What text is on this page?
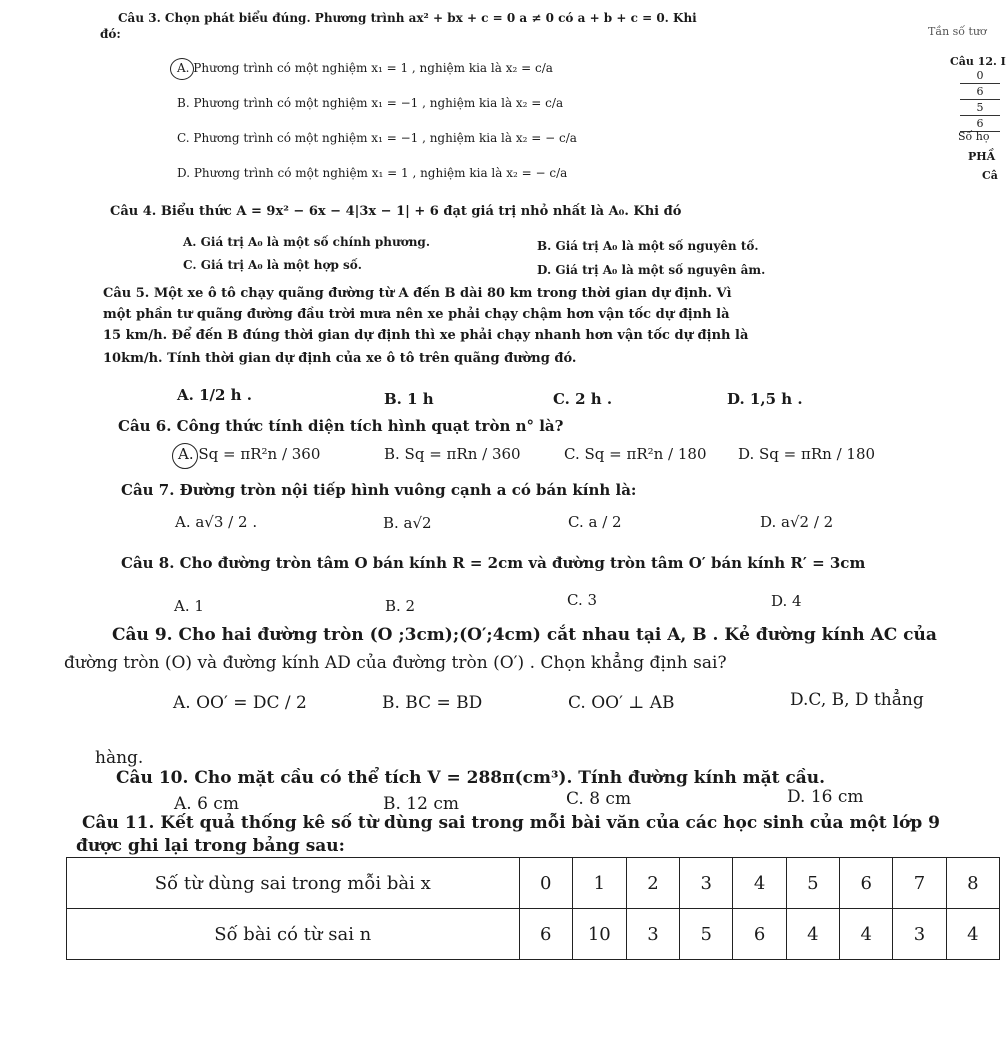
Câu 3. Chọn phát biểu đúng. Phương trình ax² + bx + c = 0 a ≠ 0 có a + b + c = 0. Khi
đó:
A. Phương trình có một nghiệm x₁ = 1 , nghiệm kia là x₂ = c/a
B. Phương trình có một nghiệm x₁ = −1 , nghiệm kia là x₂ = c/a
C. Phương trình có một nghiệm x₁ = −1 , nghiệm kia là x₂ = − c/a
D. Phương trình có một nghiệm x₁ = 1 , nghiệm kia là x₂ = − c/a
Tần số tươ
Câu 12. I
0
6
5
6
Số họ
PHẦ
Câ
Câu 4. Biểu thức A = 9x² − 6x − 4|3x − 1| + 6 đạt giá trị nhỏ nhất là A₀. Khi đó
A. Giá trị A₀ là một số chính phương.	B. Giá trị A₀ là một số nguyên tố.
C. Giá trị A₀ là một hợp số.	D. Giá trị A₀ là một số nguyên âm.
Câu 5. Một xe ô tô chạy quãng đường từ A đến B dài 80 km trong thời gian dự định. Vì
một phần tư quãng đường đầu trời mưa nên xe phải chạy chậm hơn vận tốc dự định là
15 km/h. Để đến B đúng thời gian dự định thì xe phải chạy nhanh hơn vận tốc dự định là
10km/h. Tính thời gian dự định của xe ô tô trên quãng đường đó.
A. 1/2 h .	B. 1 h	C. 2 h .	D. 1,5 h .
Câu 6. Công thức tính diện tích hình quạt tròn n° là?
A. Sq = πR²n / 360	B. Sq = πRn / 360	C. Sq = πR²n / 180 D. Sq = πRn / 180
Câu 7. Đường tròn nội tiếp hình vuông cạnh a có bán kính là:
A. a√3 / 2 .	B. a√2	C. a / 2	D. a√2 / 2
Câu 8. Cho đường tròn tâm O bán kính R = 2cm và đường tròn tâm O′ bán kính R′ = 3cm
A. 1	B. 2	C. 3	D. 4
Câu 9. Cho hai đường tròn (O ;3cm);(O′;4cm) cắt nhau tại A, B . Kẻ đường kính AC của
đường tròn (O) và đường kính AD của đường tròn (O′) . Chọn khẳng định sai?
A. OO′ = DC / 2	B. BC = BD	C. OO′ ⊥ AB	D.C, B, D thẳng
hàng.
Câu 10. Cho mặt cầu có thể tích V = 288π(cm³). Tính đường kính mặt cầu.
A. 6 cm	B. 12 cm	C. 8 cm	D. 16 cm
Câu 11. Kết quả thống kê số từ dùng sai trong mỗi bài văn của các học sinh của một lớp 9
được ghi lại trong bảng sau:
Số từ dùng sai trong mỗi bài x	0	1	2	3	4	5	6	7	8
Số bài có từ sai n	6	10	3	5	6	4	4	3	4
